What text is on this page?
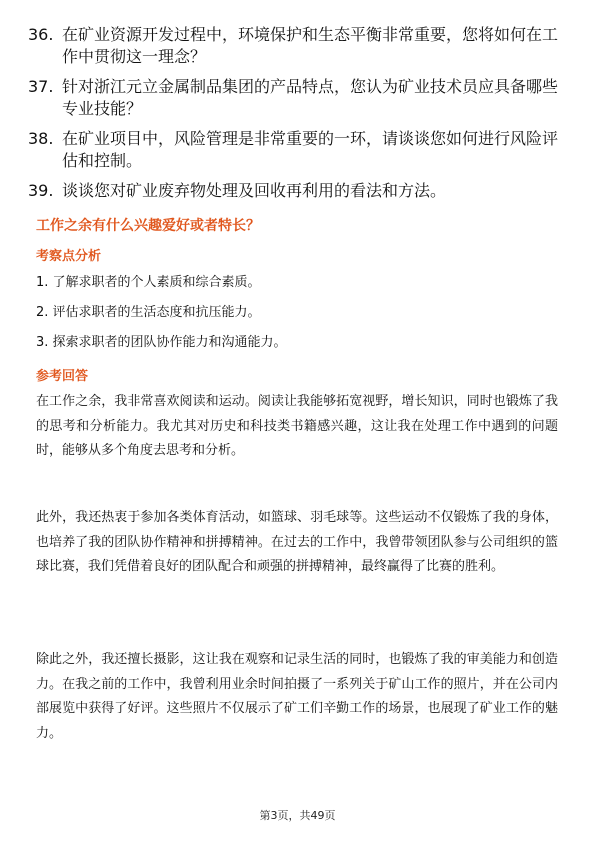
36. 在矿业资源开发过程中，环境保护和生态平衡非常重要，您将如何在工作中贯彻这一理念？
37. 针对浙江元立金属制品集团的产品特点，您认为矿业技术员应具备哪些专业技能？
38. 在矿业项目中，风险管理是非常重要的一环，请谈谈您如何进行风险评估和控制。
39. 谈谈您对矿业废弃物处理及回收再利用的看法和方法。
工作之余有什么兴趣爱好或者特长？
考察点分析
1. 了解求职者的个人素质和综合素质。
2. 评估求职者的生活态度和抗压能力。
3. 探索求职者的团队协作能力和沟通能力。
参考回答
在工作之余，我非常喜欢阅读和运动。阅读让我能够拓宽视野，增长知识，同时也锻炼了我的思考和分析能力。我尤其对历史和科技类书籍感兴趣，这让我在处理工作中遇到的问题时，能够从多个角度去思考和分析。
此外，我还热衷于参加各类体育活动，如篮球、羽毛球等。这些运动不仅锻炼了我的身体，也培养了我的团队协作精神和拼搏精神。在过去的工作中，我曾带领团队参与公司组织的篮球比赛，我们凭借着良好的团队配合和顽强的拼搏精神，最终赢得了比赛的胜利。
除此之外，我还擅长摄影，这让我在观察和记录生活的同时，也锻炼了我的审美能力和创造力。在我之前的工作中，我曾利用业余时间拍摄了一系列关于矿山工作的照片，并在公司内部展览中获得了好评。这些照片不仅展示了矿工们辛勤工作的场景，也展现了矿业工作的魅力。
第3页，共49页
